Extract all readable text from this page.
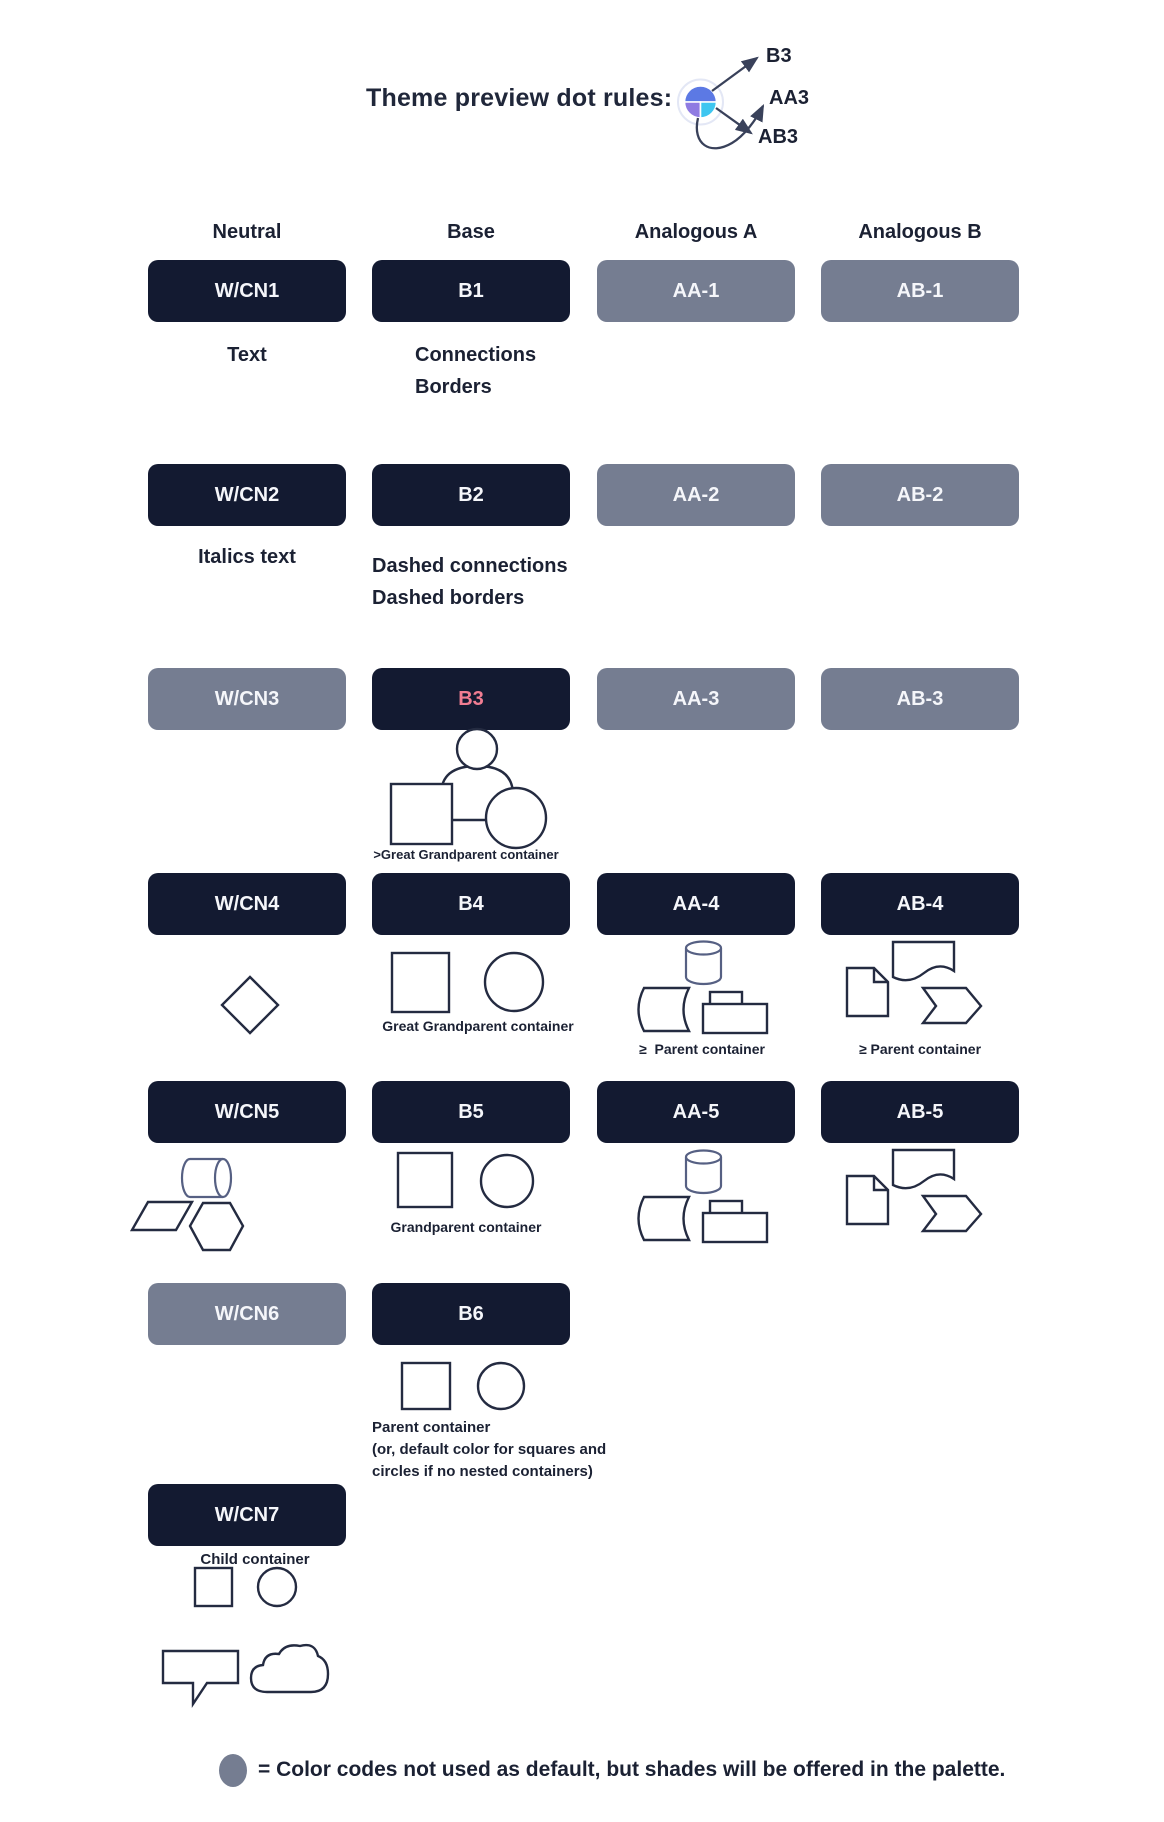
Theme preview dot rules:
B3
AA3
AB3
Neutral	Base	Analogous A	Analogous B
W/CN1	B1	AA-1	AB-1
Text	Connections
Borders
W/CN2	B2	AA-2	AB-2
Italics text	Dashed connections
Dashed borders
W/CN3	B3	AA-3	AB-3
>Great Grandparent container
W/CN4	B4	AA-4	AB-4
Great Grandparent container
≥  Parent container	≥ Parent container
W/CN5	B5	AA-5	AB-5
Grandparent container
W/CN6	B6
Parent container
(or, default color for squares and
circles if no nested containers)
W/CN7
Child container
= Color codes not used as default, but shades will be offered in the palette.
